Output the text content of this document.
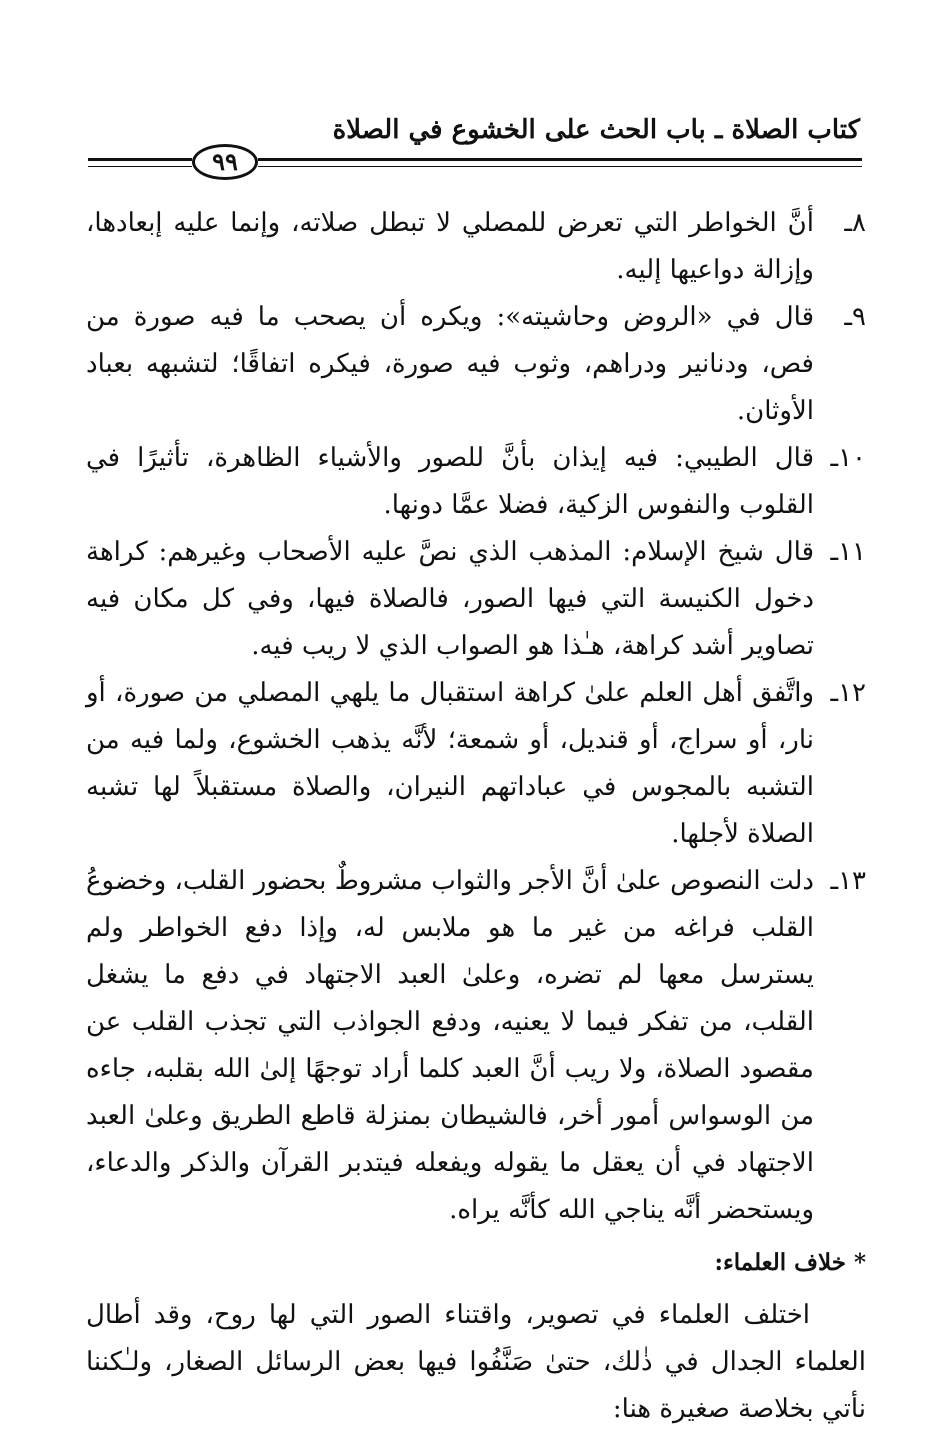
كتاب الصلاة ـ باب الحث على الخشوع في الصلاة
٩٩
٨ـ
أنَّ الخواطر التي تعرض للمصلي لا تبطل صلاته، وإنما عليه إبعادها، وإزالة دواعيها إليه.
٩ـ
قال في «الروض وحاشيته»: ويكره أن يصحب ما فيه صورة من فص، ودنانير ودراهم، وثوب فيه صورة، فيكره اتفاقًا؛ لتشبهه بعباد الأوثان.
١٠ـ
قال الطيبي: فيه إيذان بأنَّ للصور والأشياء الظاهرة، تأثيرًا في القلوب والنفوس الزكية، فضلا عمَّا دونها.
١١ـ
قال شيخ الإسلام: المذهب الذي نصَّ عليه الأصحاب وغيرهم: كراهة دخول الكنيسة التي فيها الصور، فالصلاة فيها، وفي كل مكان فيه تصاوير أشد كراهة، هـٰذا هو الصواب الذي لا ريب فيه.
١٢ـ
واتَّفق أهل العلم علىٰ كراهة استقبال ما يلهي المصلي من صورة، أو نار، أو سراج، أو قنديل، أو شمعة؛ لأنَّه يذهب الخشوع، ولما فيه من التشبه بالمجوس في عباداتهم النيران، والصلاة مستقبلاً لها تشبه الصلاة لأجلها.
١٣ـ
دلت النصوص علىٰ أنَّ الأجر والثواب مشروطٌ بحضور القلب، وخضوعُ القلب فراغه من غير ما هو ملابس له، وإذا دفع الخواطر ولم يسترسل معها لم تضره، وعلىٰ العبد الاجتهاد في دفع ما يشغل القلب، من تفكر فيما لا يعنيه، ودفع الجواذب التي تجذب القلب عن مقصود الصلاة، ولا ريب أنَّ العبد كلما أراد توجهًا إلىٰ الله بقلبه، جاءه من الوسواس أمور أخر، فالشيطان بمنزلة قاطع الطريق وعلىٰ العبد الاجتهاد في أن يعقل ما يقوله ويفعله فيتدبر القرآن والذكر والدعاء، ويستحضر أنَّه يناجي الله كأنَّه يراه.
* خلاف العلماء:
اختلف العلماء في تصوير، واقتناء الصور التي لها روح، وقد أطال العلماء الجدال في ذٰلك، حتىٰ صَنَّفُوا فيها بعض الرسائل الصغار، ولـٰكننا نأتي بخلاصة صغيرة هنا:
